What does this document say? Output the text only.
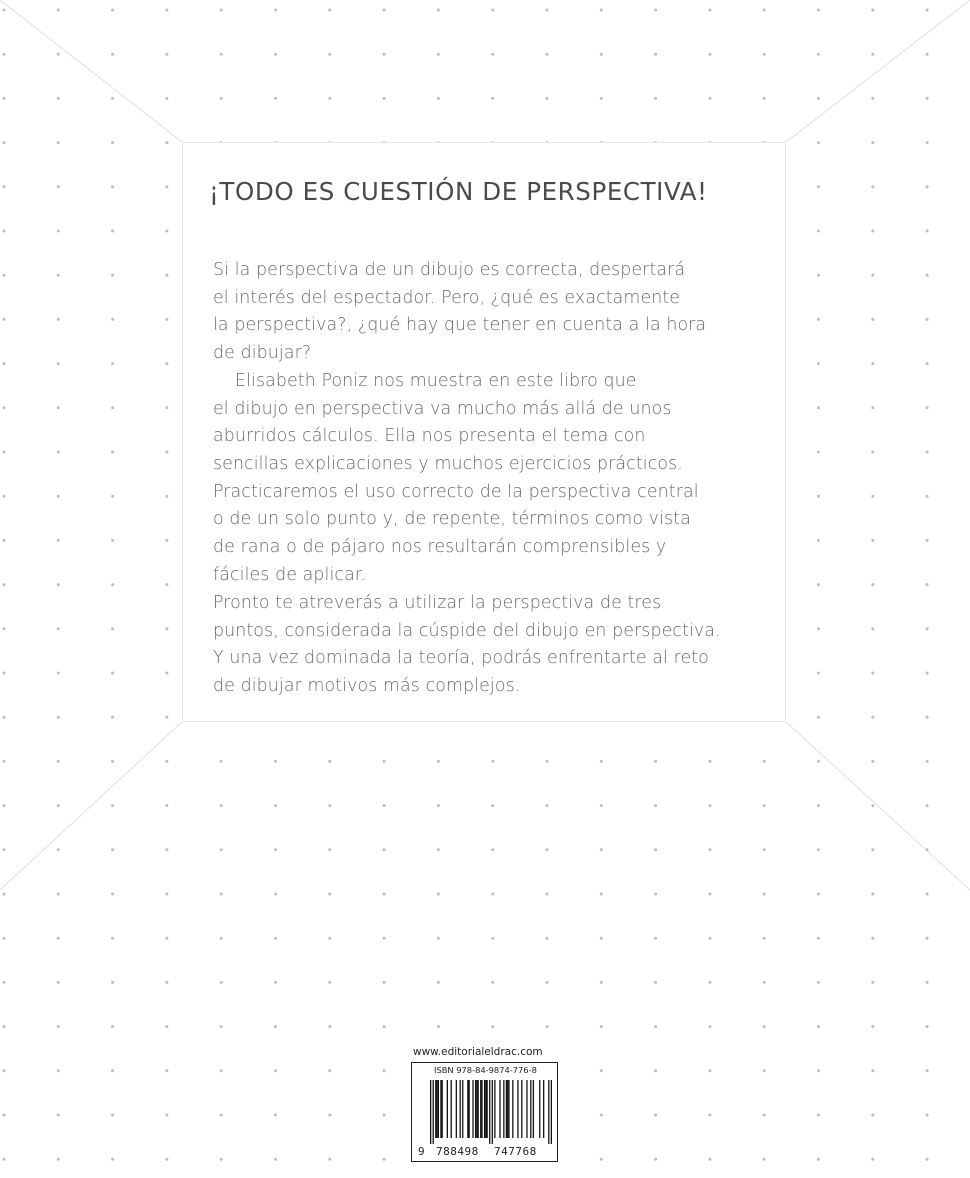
¡TODO ES CUESTIÓN DE PERSPECTIVA!

Si la perspectiva de un dibujo es correcta, despertará
el interés del espectador. Pero, ¿qué es exactamente
la perspectiva?, ¿qué hay que tener en cuenta a la hora
de dibujar?
Elisabeth Poniz nos muestra en este libro que
el dibujo en perspectiva va mucho más allá de unos
aburridos cálculos. Ella nos presenta el tema con
sencillas explicaciones y muchos ejercicios prácticos.
Practicaremos el uso correcto de la perspectiva central
o de un solo punto y, de repente, términos como vista
de rana o de pájaro nos resultarán comprensibles y
fáciles de aplicar.

Pronto te atreverás a utilizar la perspectiva de tres
puntos, considerada la cúspide del dibujo en perspectiva.
Y una vez dominada la teoría, podrás enfrentarte al reto
de dibujar motivos más complejos.

www.editorialeldrac.com
ISBN 978-84-9874-776-8
9 788498 747768
